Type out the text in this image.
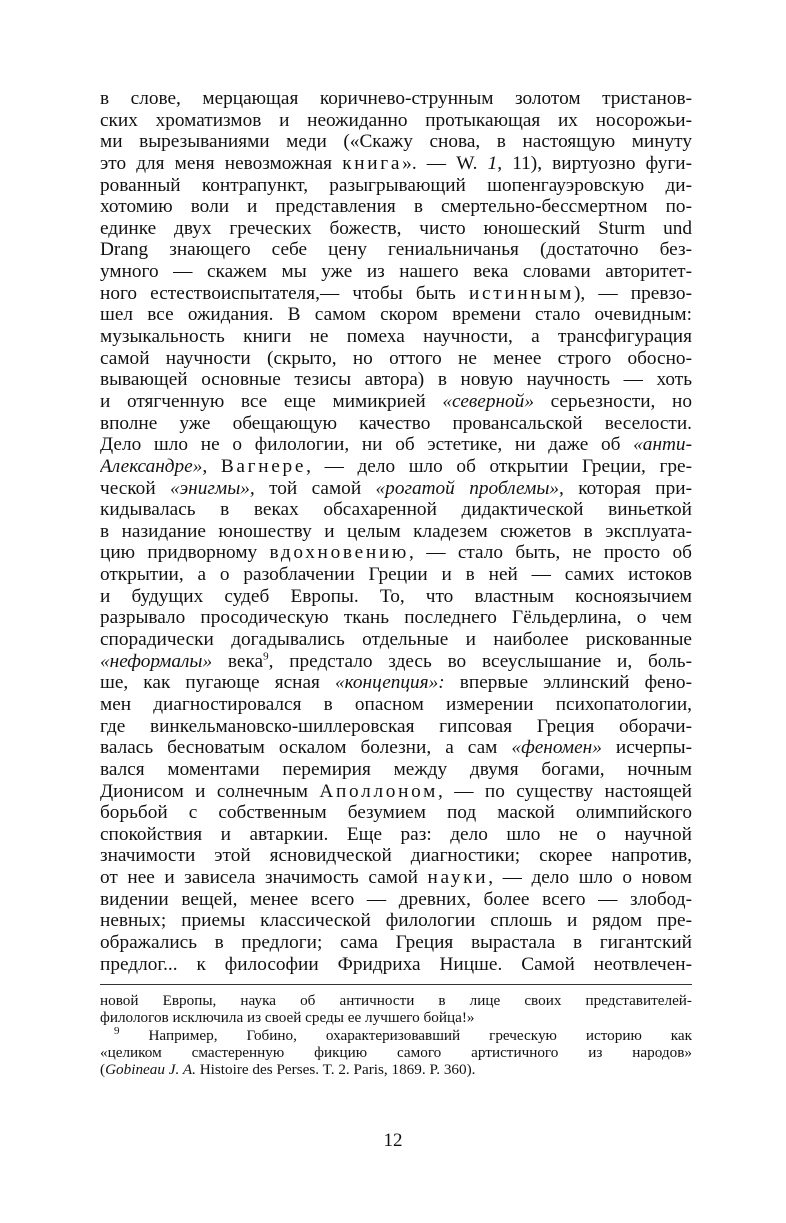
в слове, мерцающая коричнево-струнным золотом тристанов-
ских хроматизмов и неожиданно протыкающая их носорожьи-
ми вырезываниями меди («Скажу снова, в настоящую минуту
это для меня невозможная книга». — W. 1, 11), виртуозно фуги-
рованный контрапункт, разыгрывающий шопенгауэровскую ди-
хотомию воли и представления в смертельно-бессмертном по-
единке двух греческих божеств, чисто юношеский Sturm und
Drang знающего себе цену гениальничанья (достаточно без-
умного — скажем мы уже из нашего века словами авторитет-
ного естествоиспытателя,— чтобы быть истинным), — превзо-
шел все ожидания. В самом скором времени стало очевидным:
музыкальность книги не помеха научности, а трансфигурация
самой научности (скрыто, но оттого не менее строго обосно-
вывающей основные тезисы автора) в новую научность — хоть
и отягченную все еще мимикрией «северной» серьезности, но
вполне уже обещающую качество провансальской веселости.
Дело шло не о филологии, ни об эстетике, ни даже об «анти-
Александре», Вагнере, — дело шло об открытии Греции, гре-
ческой «энигмы», той самой «рогатой проблемы», которая при-
кидывалась в веках обсахаренной дидактической виньеткой
в назидание юношеству и целым кладезем сюжетов в эксплуата-
цию придворному вдохновению, — стало быть, не просто об
открытии, а о разоблачении Греции и в ней — самих истоков
и будущих судеб Европы. То, что властным косноязычием
разрывало просодическую ткань последнего Гёльдерлина, о чем
спорадически догадывались отдельные и наиболее рискованные
«неформалы» века$^9$, предстало здесь во всеуслышание и, боль-
ше, как пугающе ясная «концепция»: впервые эллинский фено-
мен диагностировался в опасном измерении психопатологии,
где винкельмановско-шиллеровская гипсовая Греция оборачи-
валась бесноватым оскалом болезни, а сам «феномен» исчерпы-
вался моментами перемирия между двумя богами, ночным
Дионисом и солнечным Аполлоном, — по существу настоящей
борьбой с собственным безумием под маской олимпийского
спокойствия и автаркии. Еще раз: дело шло не о научной
значимости этой ясновидческой диагностики; скорее напротив,
от нее и зависела значимость самой науки, — дело шло о новом
видении вещей, менее всего — древних, более всего — злобод-
невных; приемы классической филологии сплошь и рядом пре-
ображались в предлоги; сама Греция вырастала в гигантский
предлог... к философии Фридриха Ницше. Самой неотвлечен-
новой Европы, наука об античности в лице своих представителей-
филологов исключила из своей среды ее лучшего бойца!»
$^9$ Например, Гобино, охарактеризовавший греческую историю как
«целиком смастеренную фикцию самого артистичного из народов»
(Gobineau J. A. Histoire des Perses. T. 2. Paris, 1869. P. 360).
12
